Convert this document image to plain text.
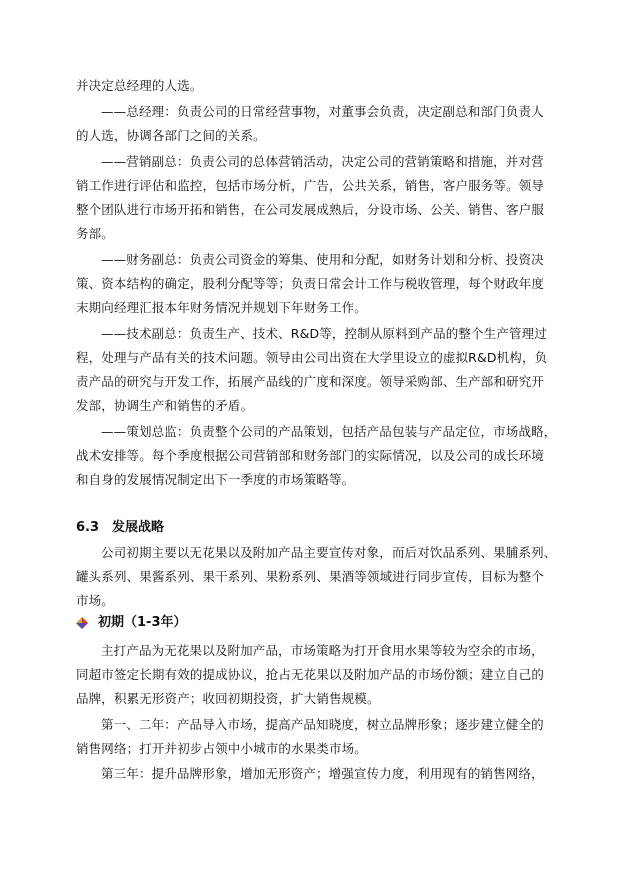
并决定总经理的人选。
——总经理：负责公司的日常经营事物，对董事会负责，决定副总和部门负责人
的人选，协调各部门之间的关系。
——营销副总：负责公司的总体营销活动，决定公司的营销策略和措施，并对营
销工作进行评估和监控，包括市场分析，广告，公共关系，销售，客户服务等。领导
整个团队进行市场开拓和销售，在公司发展成熟后，分设市场、公关、销售、客户服
务部。
——财务副总：负责公司资金的筹集、使用和分配，如财务计划和分析、投资决
策、资本结构的确定，股利分配等等；负责日常会计工作与税收管理，每个财政年度
末期向经理汇报本年财务情况并规划下年财务工作。
——技术副总：负责生产、技术、R&D等，控制从原料到产品的整个生产管理过
程，处理与产品有关的技术问题。领导由公司出资在大学里设立的虚拟R&D机构，负
责产品的研究与开发工作，拓展产品线的广度和深度。领导采购部、生产部和研究开
发部，协调生产和销售的矛盾。
——策划总监：负责整个公司的产品策划，包括产品包装与产品定位，市场战略，
战术安排等。每个季度根据公司营销部和财务部门的实际情况，以及公司的成长环境
和自身的发展情况制定出下一季度的市场策略等。
6.3 发展战略
公司初期主要以无花果以及附加产品主要宣传对象，而后对饮品系列、果脯系列、
罐头系列、果酱系列、果干系列、果粉系列、果酒等领域进行同步宣传，目标为整个
市场。
初期（1-3年）
主打产品为无花果以及附加产品，市场策略为打开食用水果等较为空余的市场，
同超市签定长期有效的提成协议，抢占无花果以及附加产品的市场份额；建立自己的
品牌，积累无形资产；收回初期投资，扩大销售规模。
第一、二年：产品导入市场，提高产品知晓度，树立品牌形象；逐步建立健全的
销售网络；打开并初步占领中小城市的水果类市场。
第三年：提升品牌形象，增加无形资产；增强宣传力度，利用现有的销售网络，
